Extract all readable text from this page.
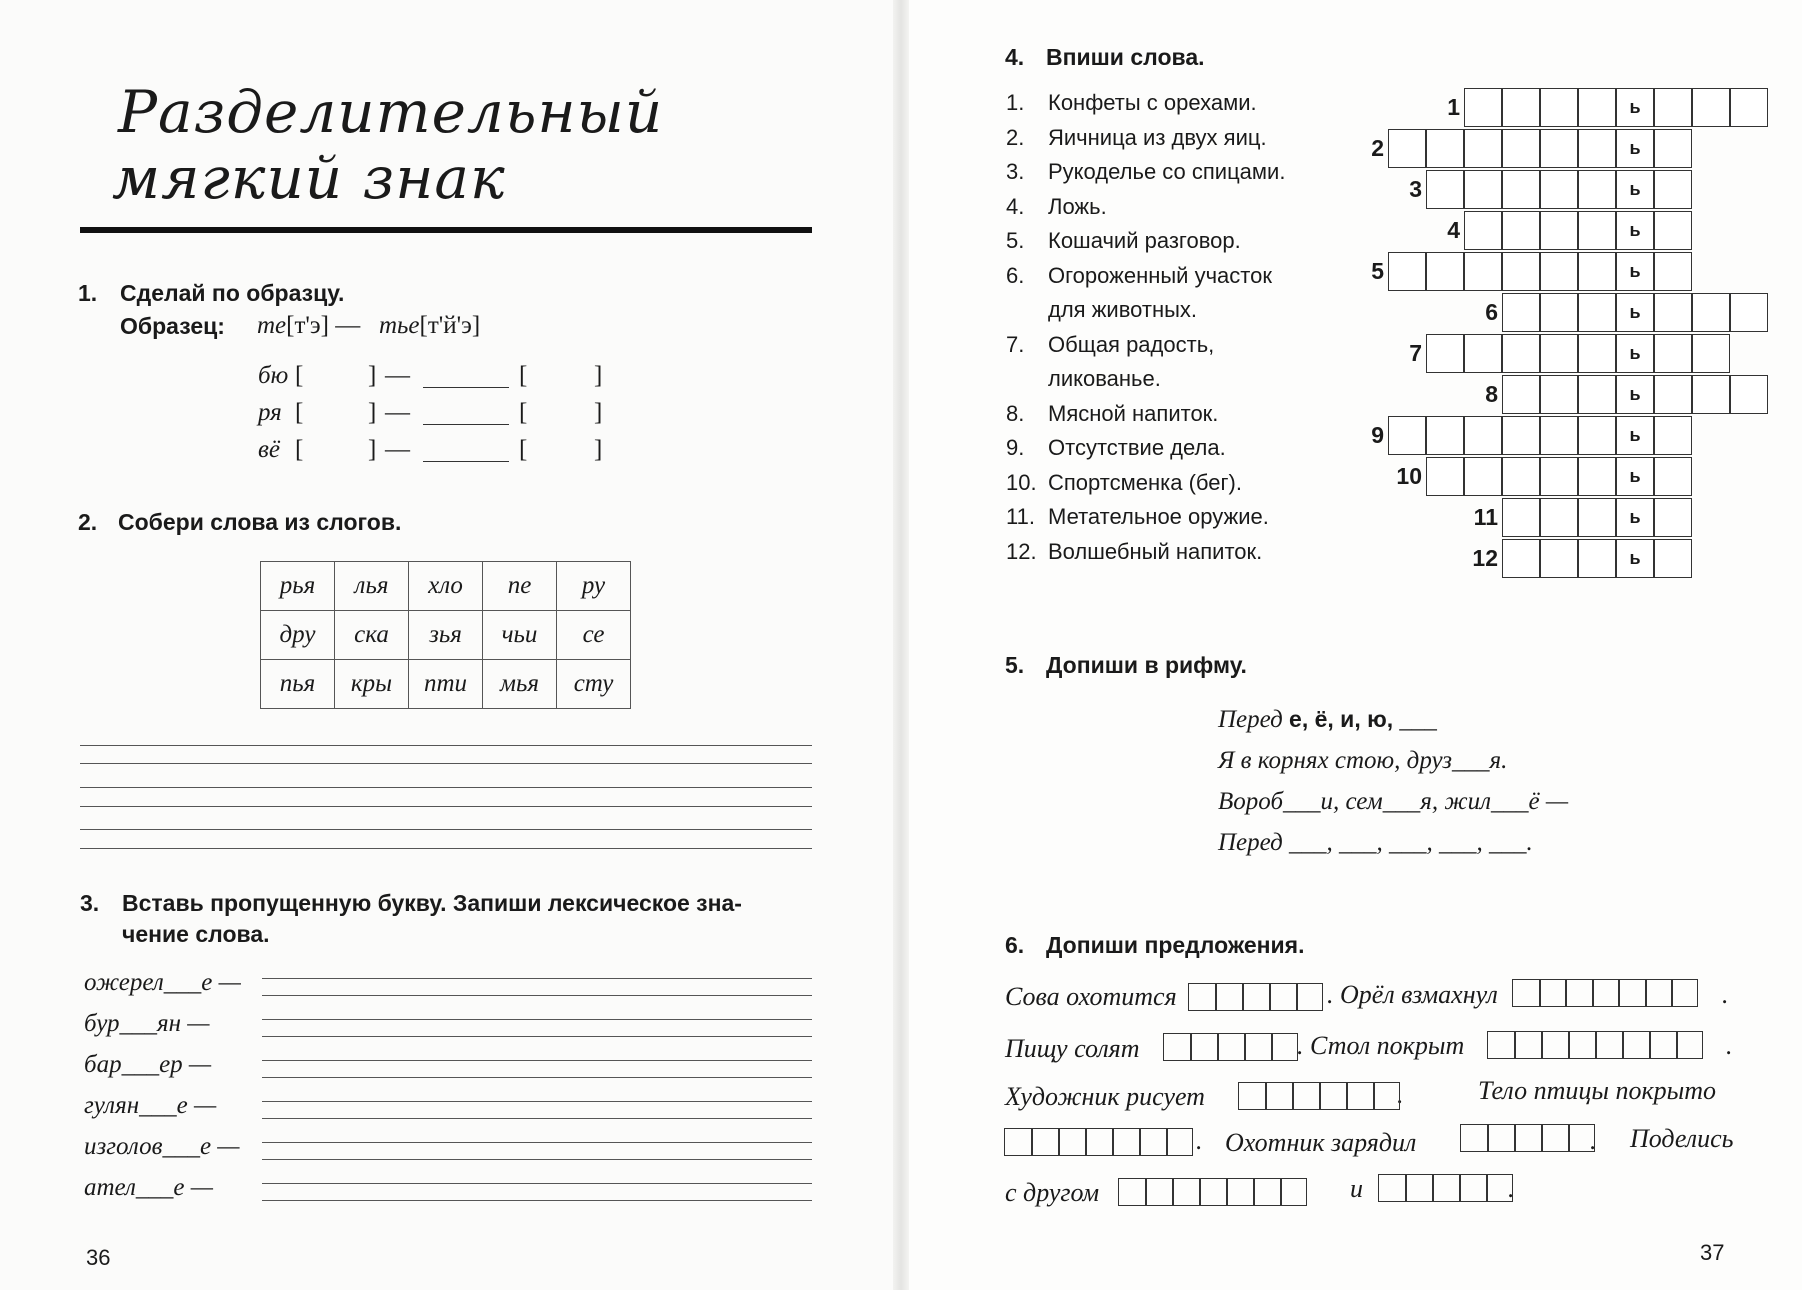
Разделительный
мягкий знак
1. Сделай по образцу.
Образец: те[т'э] — тье[т'й'э]
бю [	] —	[	]
ря [	] —	[	]
вё [	] —	[	]
2. Собери слова из слогов.
рья	лья	хло	пе	ру
дру	ска	зья	чьи	се
пья	кры	пти	мья	сту
3. Вставь пропущенную букву. Запиши лексическое зна-
чение слова.
ожерел___е —
бур___ян —
бар___ер —
гулян___е —
изголов___е —
ател___е —
36
4. Впиши слова.
1. Конфеты с орехами.
2. Яичница из двух яиц.
3. Рукоделье со спицами.
4. Ложь.
5. Кошачий разговор.
6. Огороженный участок
для животных.
7. Общая радость,
ликованье.
8. Мясной напиток.
9. Отсутствие дела.
10. Спортсменка (бег).
11. Метательное оружие.
12. Волшебный напиток.
1	ь
2	ь
3	ь
4	ь
5	ь
6	ь
7	ь
8	ь
9	ь
10	ь
11	ь
12	ь
5. Допиши в рифму.
Перед е, ё, и, ю, ___
Я в корнях стою, друз___я.
Вороб___и, сем___я, жил___ё —
Перед ___, ___, ___, ___, ___.
6. Допиши предложения.
Сова охотится	. Орёл взмахнул	.
Пищу солят	. Стол покрыт	.
Художник рисует	.	Тело птицы покрыто
. Охотник зарядил	. Поделись
с другом	и	.
37
